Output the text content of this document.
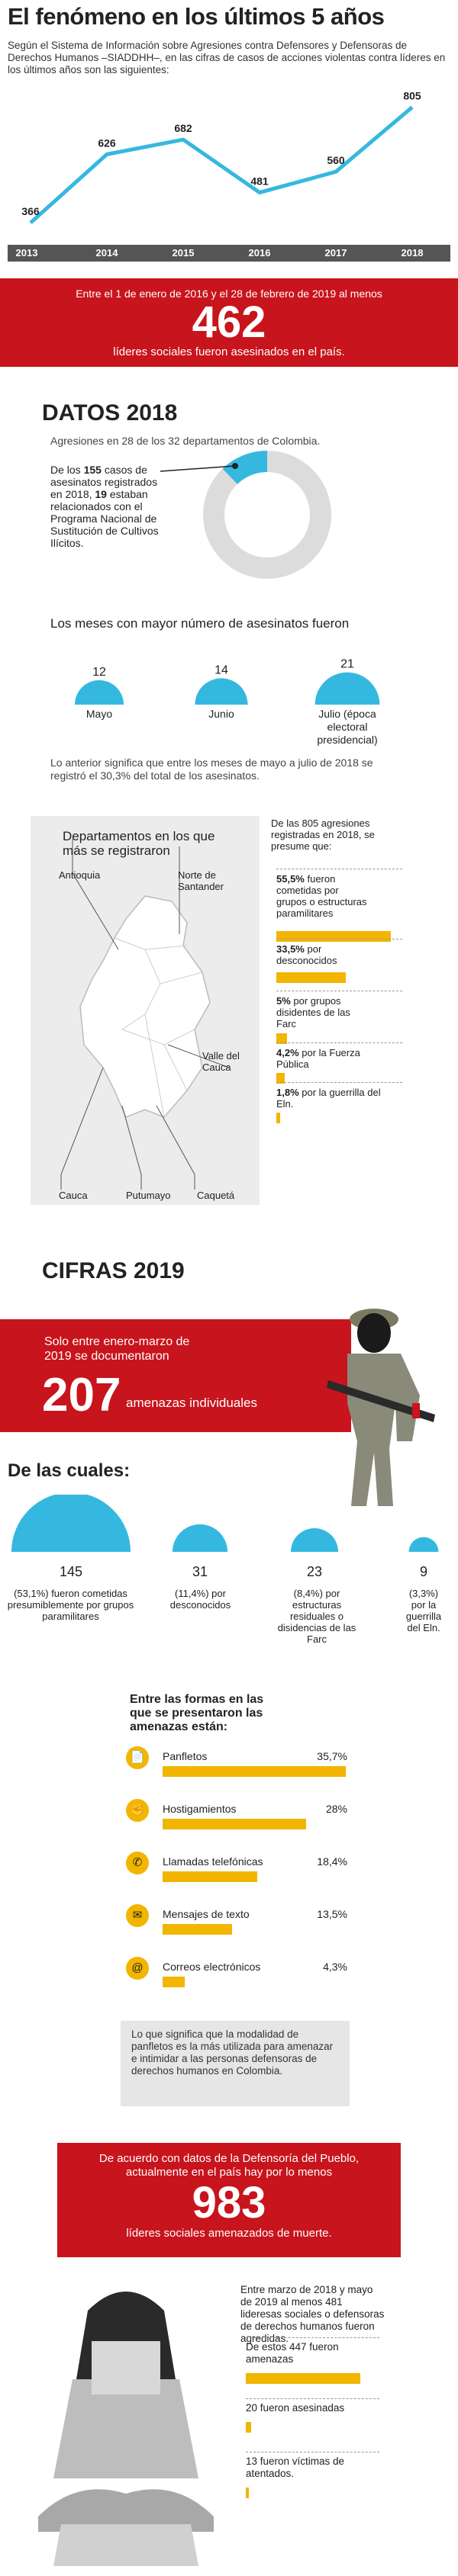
El fenómeno en los últimos 5 años

Según el Sistema de Información sobre Agresiones contra Defensores y Defensoras de Derechos Humanos –SIADDHH–, en las cifras de casos de acciones violentas contra líderes en los últimos años son las siguientes:

366
2013
626
2014
682
2015
481
2016
560
2017
805
2018
Entre el 1 de enero de 2016 y el 28 de febrero de 2019 al menos
462
líderes sociales fueron asesinados en el país.
DATOS 2018
Agresiones en 28 de los 32 departamentos de Colombia.

De los 155 casos de asesinatos registrados en 2018, 19 estaban relacionados con el Programa Nacional de Sustitución de Cultivos Ilícitos.

Los meses con mayor número de asesinatos fueron
12	14	21
Mayo	Junio	Julio (época electoral presidencial)

Lo anterior significa que entre los meses de mayo a julio de 2018 se registró el 30,3% del total de los asesinatos.

Departamentos en los que más se registraron
Antioquia	Norte de Santander
Valle del Cauca
Cauca	Putumayo	Caquetá
De las 805 agresiones registradas en 2018, se presume que:
55,5% fueron cometidas por grupos o estructuras paramilitares
33,5% por desconocidos
5% por grupos disidentes de las Farc
4,2% por la Fuerza Pública
1,8% por la guerrilla del Eln.
CIFRAS 2019
Solo entre enero-marzo de 2019 se documentaron
207 amenazas individuales
De las cuales:
145	31	23	9
(53,1%) fueron cometidas presumiblemente por grupos paramilitares
(11,4%) por desconocidos
(8,4%) por estructuras residuales o disidencias de las Farc
(3,3%) por la guerrilla del Eln.
Entre las formas en las que se presentaron las amenazas están:
📄	Panfletos	35,7%
✊	Hostigamientos	28%
✆	Llamadas telefónicas	18,4%
✉	Mensajes de texto	13,5%
@	Correos electrónicos	4,3%

Lo que significa que la modalidad de panfletos es la más utilizada para amenazar e intimidar a las personas defensoras de derechos humanos en Colombia.

De acuerdo con datos de la Defensoría del Pueblo, actualmente en el país hay por lo menos
983
líderes sociales amenazados de muerte.

Entre marzo de 2018 y mayo de 2019 al menos 481 lideresas sociales o defensoras de derechos humanos fueron agredidas.

De estos 447 fueron amenazas
20 fueron asesinadas
13 fueron víctimas de atentados.
